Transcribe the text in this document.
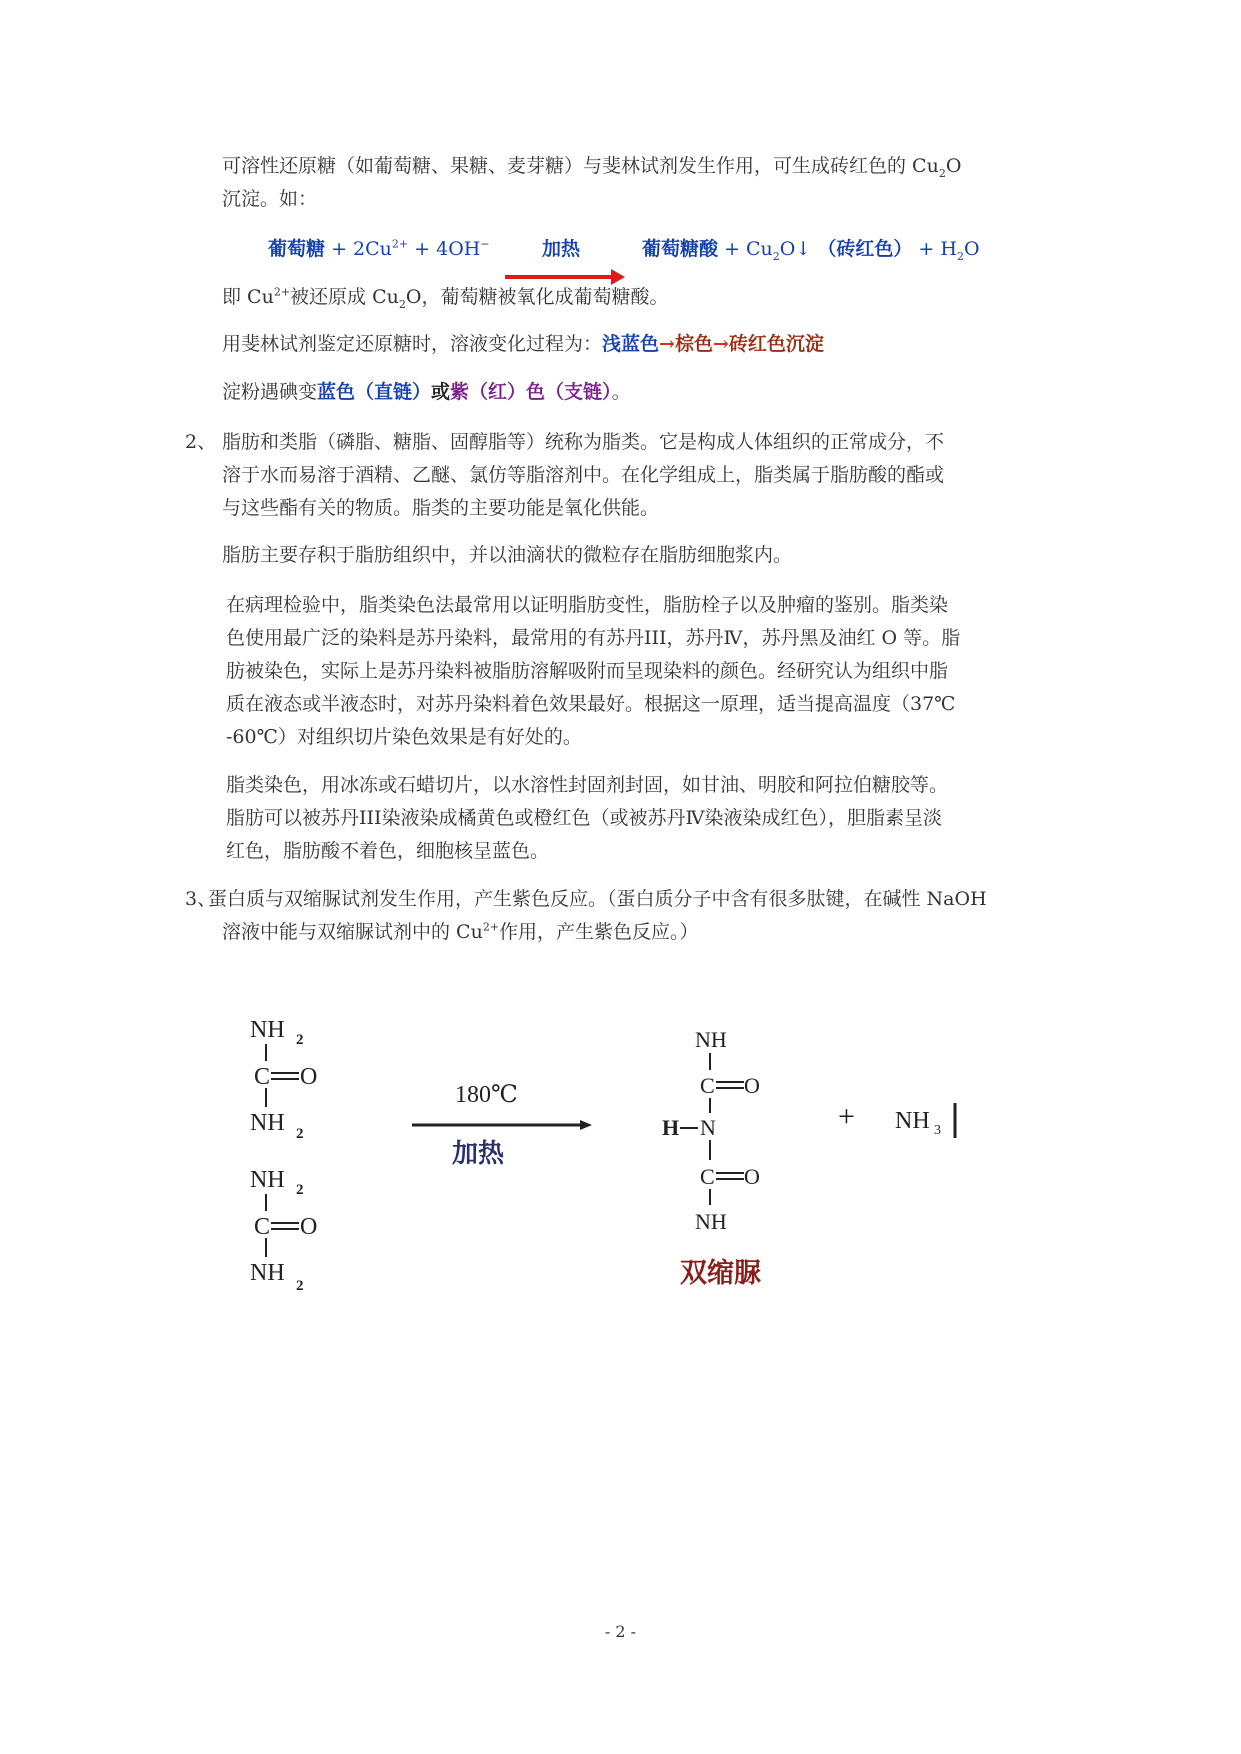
可溶性还原糖（如葡萄糖、果糖、麦芽糖）与斐林试剂发生作用，可生成砖红色的 $Cu_2O$
沉淀。如：
葡萄糖 + $2Cu^{2+} + 4OH^-$	加热	葡萄糖酸 + $Cu_2O↓$ （砖红色） + $H_2O$
即 $Cu^{2+}$被还原成 $Cu_2O$，葡萄糖被氧化成葡萄糖酸。
用斐林试剂鉴定还原糖时，溶液变化过程为：浅蓝色→棕色→砖红色沉淀
淀粉遇碘变蓝色（直链）或紫（红）色（支链）。
2、 脂肪和类脂（磷脂、糖脂、固醇脂等）统称为脂类。它是构成人体组织的正常成分，不
溶于水而易溶于酒精、乙醚、氯仿等脂溶剂中。在化学组成上，脂类属于脂肪酸的酯或
与这些酯有关的物质。脂类的主要功能是氧化供能。
脂肪主要存积于脂肪组织中，并以油滴状的微粒存在脂肪细胞浆内。
在病理检验中，脂类染色法最常用以证明脂肪变性，脂肪栓子以及肿瘤的鉴别。脂类染
色使用最广泛的染料是苏丹染料，最常用的有苏丹III，苏丹Ⅳ，苏丹黑及油红 O 等。脂
肪被染色，实际上是苏丹染料被脂肪溶解吸附而呈现染料的颜色。经研究认为组织中脂
质在液态或半液态时，对苏丹染料着色效果最好。根据这一原理，适当提高温度（37℃
-60℃）对组织切片染色效果是有好处的。
脂类染色，用冰冻或石蜡切片，以水溶性封固剂封固，如甘油、明胶和阿拉伯糖胶等。
脂肪可以被苏丹III染液染成橘黄色或橙红色（或被苏丹Ⅳ染液染成红色），胆脂素呈淡
红色，脂肪酸不着色，细胞核呈蓝色。
3、
蛋白质与双缩脲试剂发生作用，产生紫色反应。（蛋白质分子中含有很多肽键，在碱性 NaOH
溶液中能与双缩脲试剂中的 $Cu^{2+}$作用，产生紫色反应。）
NH 2
C O
NH 2
NH 2
C O
NH 2
180℃
加热
NH
C O
H N
C O
NH
双缩脲
+ NH 3
- 2 -
